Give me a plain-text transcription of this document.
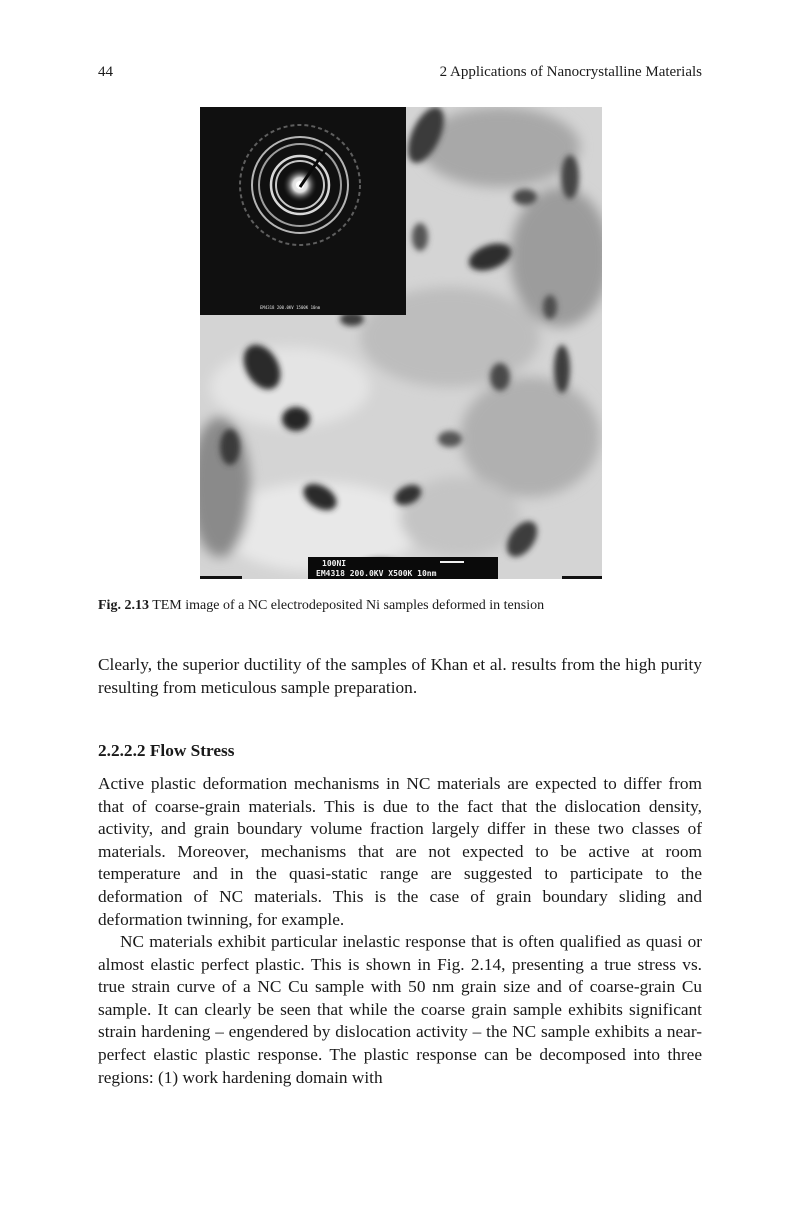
44	2 Applications of Nanocrystalline Materials
EM4318 200.0KV 1500K 10nm
100NI
EM4318 200.0KV X500K 10nm
Fig. 2.13 TEM image of a NC electrodeposited Ni samples deformed in tension
Clearly, the superior ductility of the samples of Khan et al. results from the high purity resulting from meticulous sample preparation.
2.2.2.2 Flow Stress
Active plastic deformation mechanisms in NC materials are expected to differ from that of coarse-grain materials. This is due to the fact that the dislocation density, activity, and grain boundary volume fraction largely differ in these two classes of materials. Moreover, mechanisms that are not expected to be active at room temperature and in the quasi-static range are suggested to participate to the deformation of NC materials. This is the case of grain boundary sliding and deformation twinning, for example.
NC materials exhibit particular inelastic response that is often qualified as quasi or almost elastic perfect plastic. This is shown in Fig. 2.14, presenting a true stress vs. true strain curve of a NC Cu sample with 50 nm grain size and of coarse-grain Cu sample. It can clearly be seen that while the coarse grain sample exhibits significant strain hardening – engendered by dislocation activity – the NC sample exhibits a near-perfect elastic plastic response. The plastic response can be decomposed into three regions: (1) work hardening domain with
